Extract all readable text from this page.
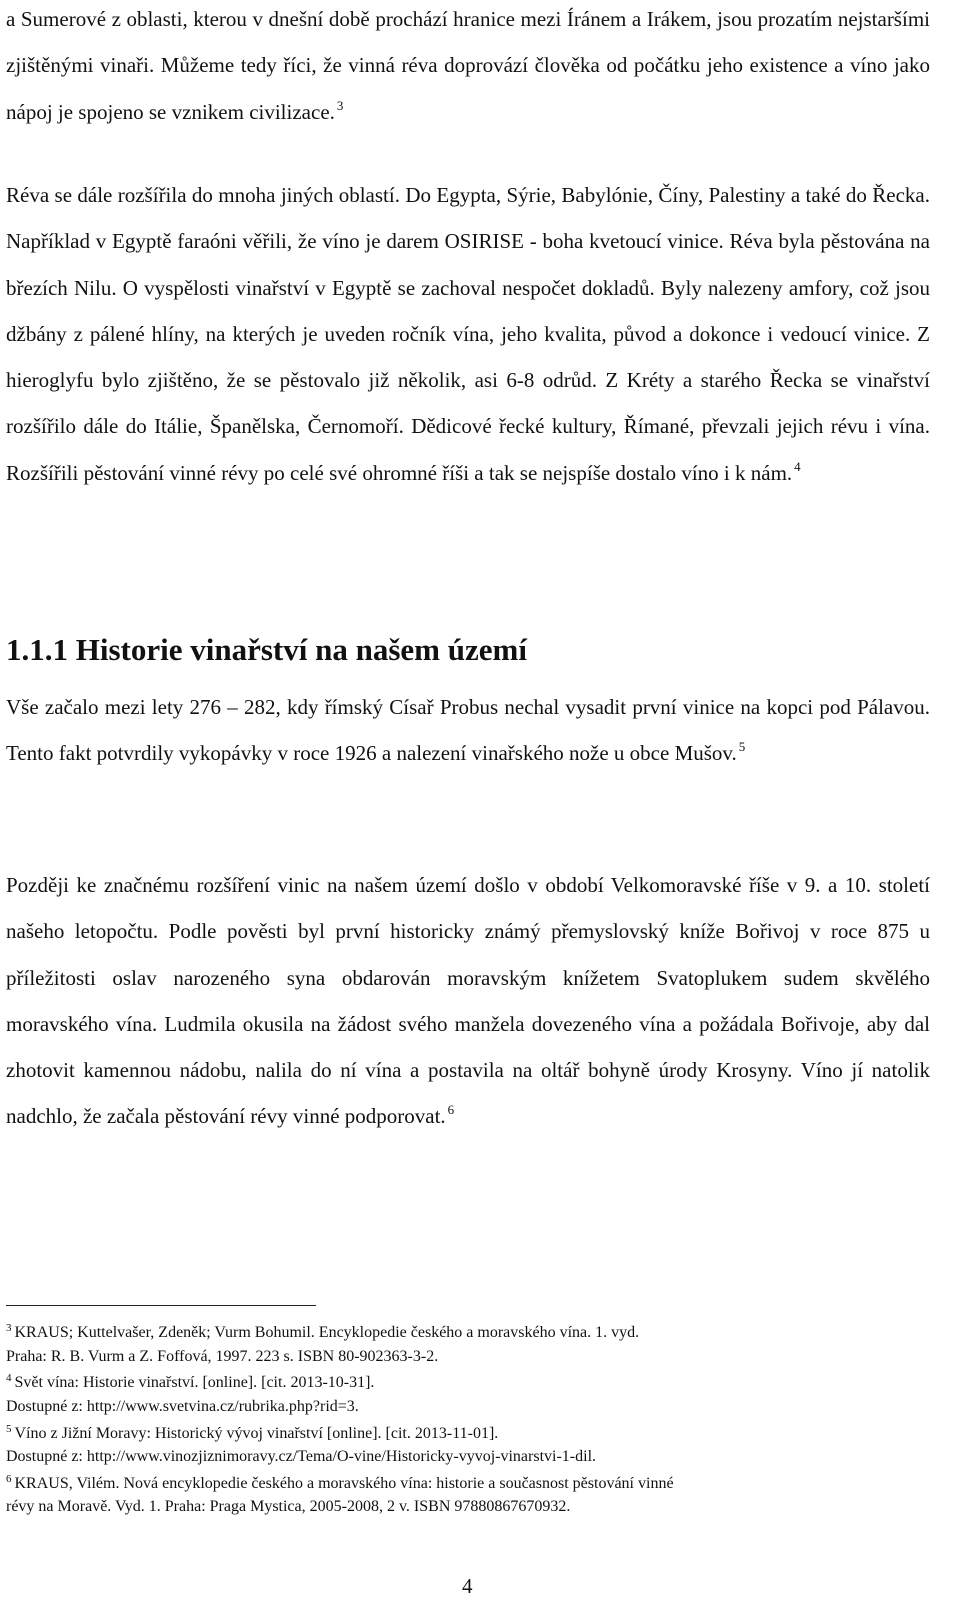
a Sumerové z oblasti, kterou v dnešní době prochází hranice mezi Íránem a Irákem, jsou prozatím nejstaršími zjištěnými vinaři. Můžeme tedy říci, že vinná réva doprovází člověka od počátku jeho existence a víno jako nápoj je spojeno se vznikem civilizace. $^3$

Réva se dále rozšířila do mnoha jiných oblastí. Do Egypta, Sýrie, Babylónie, Číny, Palestiny a také do Řecka. Například v Egyptě faraóni věřili, že víno je darem OSIRISE - boha kvetoucí vinice. Réva byla pěstována na březích Nilu. O vyspělosti vinařství v Egyptě se zachoval nespočet dokladů. Byly nalezeny amfory, což jsou džbány z pálené hlíny, na kterých je uveden ročník vína, jeho kvalita, původ a dokonce i vedoucí vinice. Z hieroglyfu bylo zjištěno, že se pěstovalo již několik, asi 6-8 odrůd. Z Kréty a starého Řecka se vinařství rozšířilo dále do Itálie, Španělska, Černomoří. Dědicové řecké kultury, Římané, převzali jejich révu i vína. Rozšířili pěstování vinné révy po celé své ohromné říši a tak se nejspíše dostalo víno i k nám. $^4$

1.1.1 Historie vinařství na našem území

Vše začalo mezi lety 276 – 282, kdy římský Císař Probus nechal vysadit první vinice na kopci pod Pálavou. Tento fakt potvrdily vykopávky v roce 1926 a nalezení vinařského nože u obce Mušov. $^5$

Později ke značnému rozšíření vinic na našem území došlo v období Velkomoravské říše v 9. a 10. století našeho letopočtu. Podle pověsti byl první historicky známý přemyslovský kníže Bořivoj v roce 875 u příležitosti oslav narozeného syna obdarován moravským knížetem Svatoplukem sudem skvělého moravského vína. Ludmila okusila na žádost svého manžela dovezeného vína a požádala Bořivoje, aby dal zhotovit kamennou nádobu, nalila do ní vína a postavila na oltář bohyně úrody Krosyny. Víno jí natolik nadchlo, že začala pěstování révy vinné podporovat. $^6$

$^3$ KRAUS; Kuttelvašer, Zdeněk; Vurm Bohumil. Encyklopedie českého a moravského vína. 1. vyd.
Praha: R. B. Vurm a Z. Foffová, 1997. 223 s. ISBN 80-902363-3-2.
$^4$ Svět vína: Historie vinařství. [online]. [cit. 2013-10-31].
Dostupné z: http://www.svetvina.cz/rubrika.php?rid=3.
$^5$ Víno z Jižní Moravy: Historický vývoj vinařství [online]. [cit. 2013-11-01].
Dostupné z: http://www.vinozjiznimoravy.cz/Tema/O-vine/Historicky-vyvoj-vinarstvi-1-dil.
$^6$ KRAUS, Vilém. Nová encyklopedie českého a moravského vína: historie a současnost pěstování vinné
révy na Moravě. Vyd. 1. Praha: Praga Mystica, 2005-2008, 2 v. ISBN 97880867670932.
4
